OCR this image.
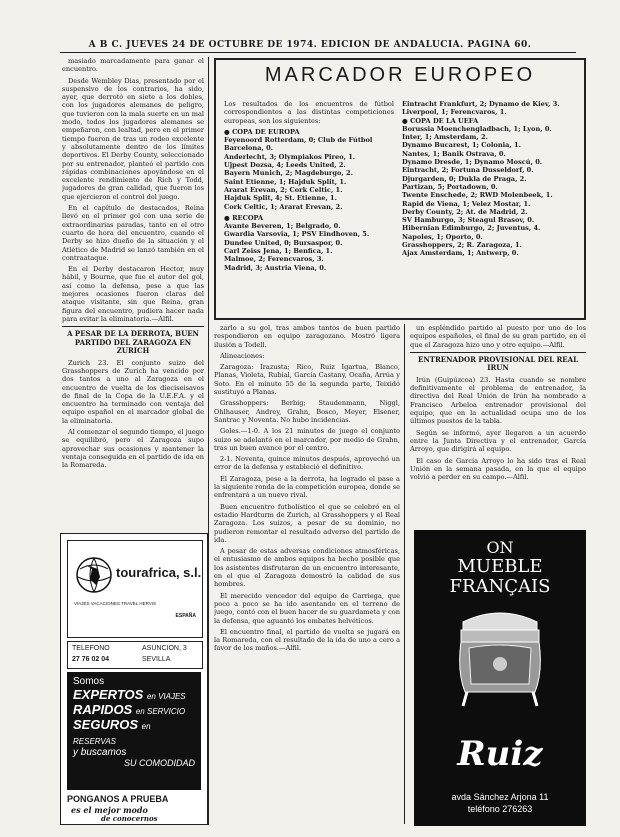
A B C. JUEVES 24 DE OCTUBRE DE 1974. EDICION DE ANDALUCIA. PAGINA 60.

masiado marcadamente para ganar el encuentro.

Desde Wembley Dias, presentado por el suspensivo de los contrarios, ha sido, ayer, que derrotó en siete a los dobles, con los jugadores alemanes de peligro, que tuvieron con la mala suerte en un mal modo, todos los jugadores alemanes se empeñaron, con lealtad, pero en el primer tiempo fueron de tras un rodeo excelente y absolutamente dentro de los límites deportivos. El Derby County, seleccionado por su entrenador, planteó el partido con rápidas combinaciones apoyándose en el excelente rendimiento de Rich y Todd, jugadores de gran calidad, que fueron los que ejercieron el control del juego.

En el capítulo de destacados, Reina llevó en el primer gol con una serie de extraordinarias paradas, tanto en el otro cuarto de hora del encuentro, cuando el Derby se hizo dueño de la situación y el Atlético de Madrid se lanzó también en el contraataque.

En el Derby destacaron Hector, muy hábil, y Bourne, que fue el autor del gol, así como la defensa, pese a que las mejores ocasiones fueron claras del ataque visitante, sin que Reina, gran figura del encuentro, pudiera hacer nada para evitar la eliminatoria.—Alfil.

A PESAR DE LA DERROTA, BUEN PARTIDO DEL ZARAGOZA EN ZURICH

Zurich 23. El conjunto suizo del Grasshoppers de Zurich ha vencido por dos tantos a uno al Zaragoza en el encuentro de vuelta de los dieciseisavos de final de la Copa de la U.E.F.A. y el encuentro ha terminado con ventaja del equipo español en el marcador global de la eliminatoria.

Al comenzar el segundo tiempo, el juego se equilibró, pero el Zaragoza supo aprovechar sus ocasiones y mantener la ventaja conseguida en el partido de ida en la Romareda.

tourafrica, s.l.
VIAJES VACACIONES TRAVEL HERVIS
ESPAÑA
TELEFONO
27 76 02 04
ASUNCION, 3
SEVILLA
Somos
EXPERTOS en VIAJES
RAPIDOS en SERVICIO
SEGUROS en RESERVAS
y buscamos
SU COMODIDAD
PONGANOS A PRUEBA
es el mejor modo
de conocernos
MARCADOR EUROPEO
Los resultados de los encuentros de fútbol correspondientes a las distintas competiciones europeas, son los siguientes:
● COPA DE EUROPA
Feyenoord Rotterdam, 0; Club de Fútbol Barcelona, 0.
Anderlecht, 3; Olympiakos Pireo, 1.
Ujpest Dozsa, 4; Leeds United, 2.
Bayern Munich, 2; Magdeburgo, 2.
Saint Etienne, 1; Hajduk Split, 1.
Ararat Erevan, 2; Cork Celtic, 1.
Hajduk Split, 4; St. Etienne, 1.
Cork Celtic, 1; Ararat Erevan, 2.
● RECOPA
Avante Beveren, 1; Belgrado, 0.
Gwardia Varsovia, 1; PSV Eindhoven, 5.
Dundee United, 0; Bursaspor, 0.
Carl Zeiss Jena, 1; Benfica, 1.
Malmoe, 2; Ferencvaros, 3.
Madrid, 3; Austria Viena, 0.
Eintracht Frankfurt, 2; Dynamo de Kiev, 3.
Liverpool, 1; Ferencvaros, 1.
● COPA DE LA UEFA
Borussia Moenchengladbach, 1; Lyon, 0.
Inter, 1; Amsterdam, 2.
Dynamo Bucarest, 1; Colonia, 1.
Nantes, 1; Banik Ostrava, 0.
Dynamo Dresde, 1; Dynamo Moscú, 0.
Eintracht, 2; Fortuna Dusseldorf, 0.
Djurgarden, 0; Dukla de Praga, 2.
Partizan, 5; Portadown, 0.
Twente Enschede, 2; RWD Molenbeek, 1.
Rapid de Viena, 1; Velez Mostar, 1.
Derby County, 2; At. de Madrid, 2.
SV Hamburgo, 3; Steagul Brasov, 0.
Hibernian Edimburgo, 2; Juventus, 4.
Napoles, 1; Oporto, 0.
Grasshoppers, 2; R. Zaragoza, 1.
Ajax Amsterdam, 1; Antwerp, 0.

zarlo a su gol, tras ambos tantos de buen partido respondieron en equipo zaragozano. Mostró ligera ilusión a Todell.

Alineaciones:

Zaragoza: Irazusta; Rico, Ruiz Igartua, Blanco, Planas, Violeta, Rubial, García Castany, Ocaña, Arrúa y Soto. En el minuto 55 de la segunda parte, Teixidó sustituyó a Planas.

Grasshoppers: Berbig; Staudenmann, Niggl, Ohlhauser, Andrey, Grahn, Bosco, Meyer, Elsener, Santrac y Noventa. No hubo incidencias.

Goles.—1-0. A los 21 minutos de juego el conjunto suizo se adelantó en el marcador, por medio de Grahn, tras un buen avance por el centro.

2-1. Noventa, quince minutos después, aprovechó un error de la defensa y estableció el definitivo.

El Zaragoza, pese a la derrota, ha logrado el pase a la siguiente ronda de la competición europea, donde se enfrentará a un nuevo rival.

Buen encuentro futbolístico el que se celebró en el estadio Hardturm de Zurich, al Grasshoppers y el Real Zaragoza. Los suizos, a pesar de su dominio, no pudieron remontar el resultado adverso del partido de ida.

A pesar de estas adversas condiciones atmosféricas, el entusiasmo de ambos equipos ha hecho posible que los asistentes disfrutaran de un encuentro interesante, en el que el Zaragoza demostró la calidad de sus hombres.

El merecido vencedor del equipo de Carriega, que poco a poco se ha ido asentando en el terreno de juego, contó con el buen hacer de su guardameta y con la defensa, que aguantó los embates helvéticos.

El encuentro final, el partido de vuelta se jugará en la Romareda, con el resultado de la ida de uno a cero a favor de los maños.—Alfil.

un espléndido partido al puesto por uno de los equipos españoles, el final de su gran partido, en el que el Zaragoza hizo uno y otro equipo.—Alfil.

ENTRENADOR PROVISIONAL DEL REAL IRUN

Irún (Guipúzcoa) 23. Hasta cuando se nombre definitivamente el problema de entrenador, la directiva del Real Unión de Irún ha nombrado a Francisco Arbeloa entrenador provisional del equipo, que en la actualidad ocupa uno de los últimos puestos de la tabla.

Según se informó, ayer llegaron a un acuerdo entre la Junta Directiva y el entrenador, García Arroyo, que dirigirá al equipo.

El caso de García Arroyo lo ha sido tras el Real Unión en la semana pasada, en la que el equipo volvió a perder en su campo.—Alfil.

ON
MUEBLE
FRANÇAIS
Ruiz
avda Sánchez Arjona 11
teléfono 276263
